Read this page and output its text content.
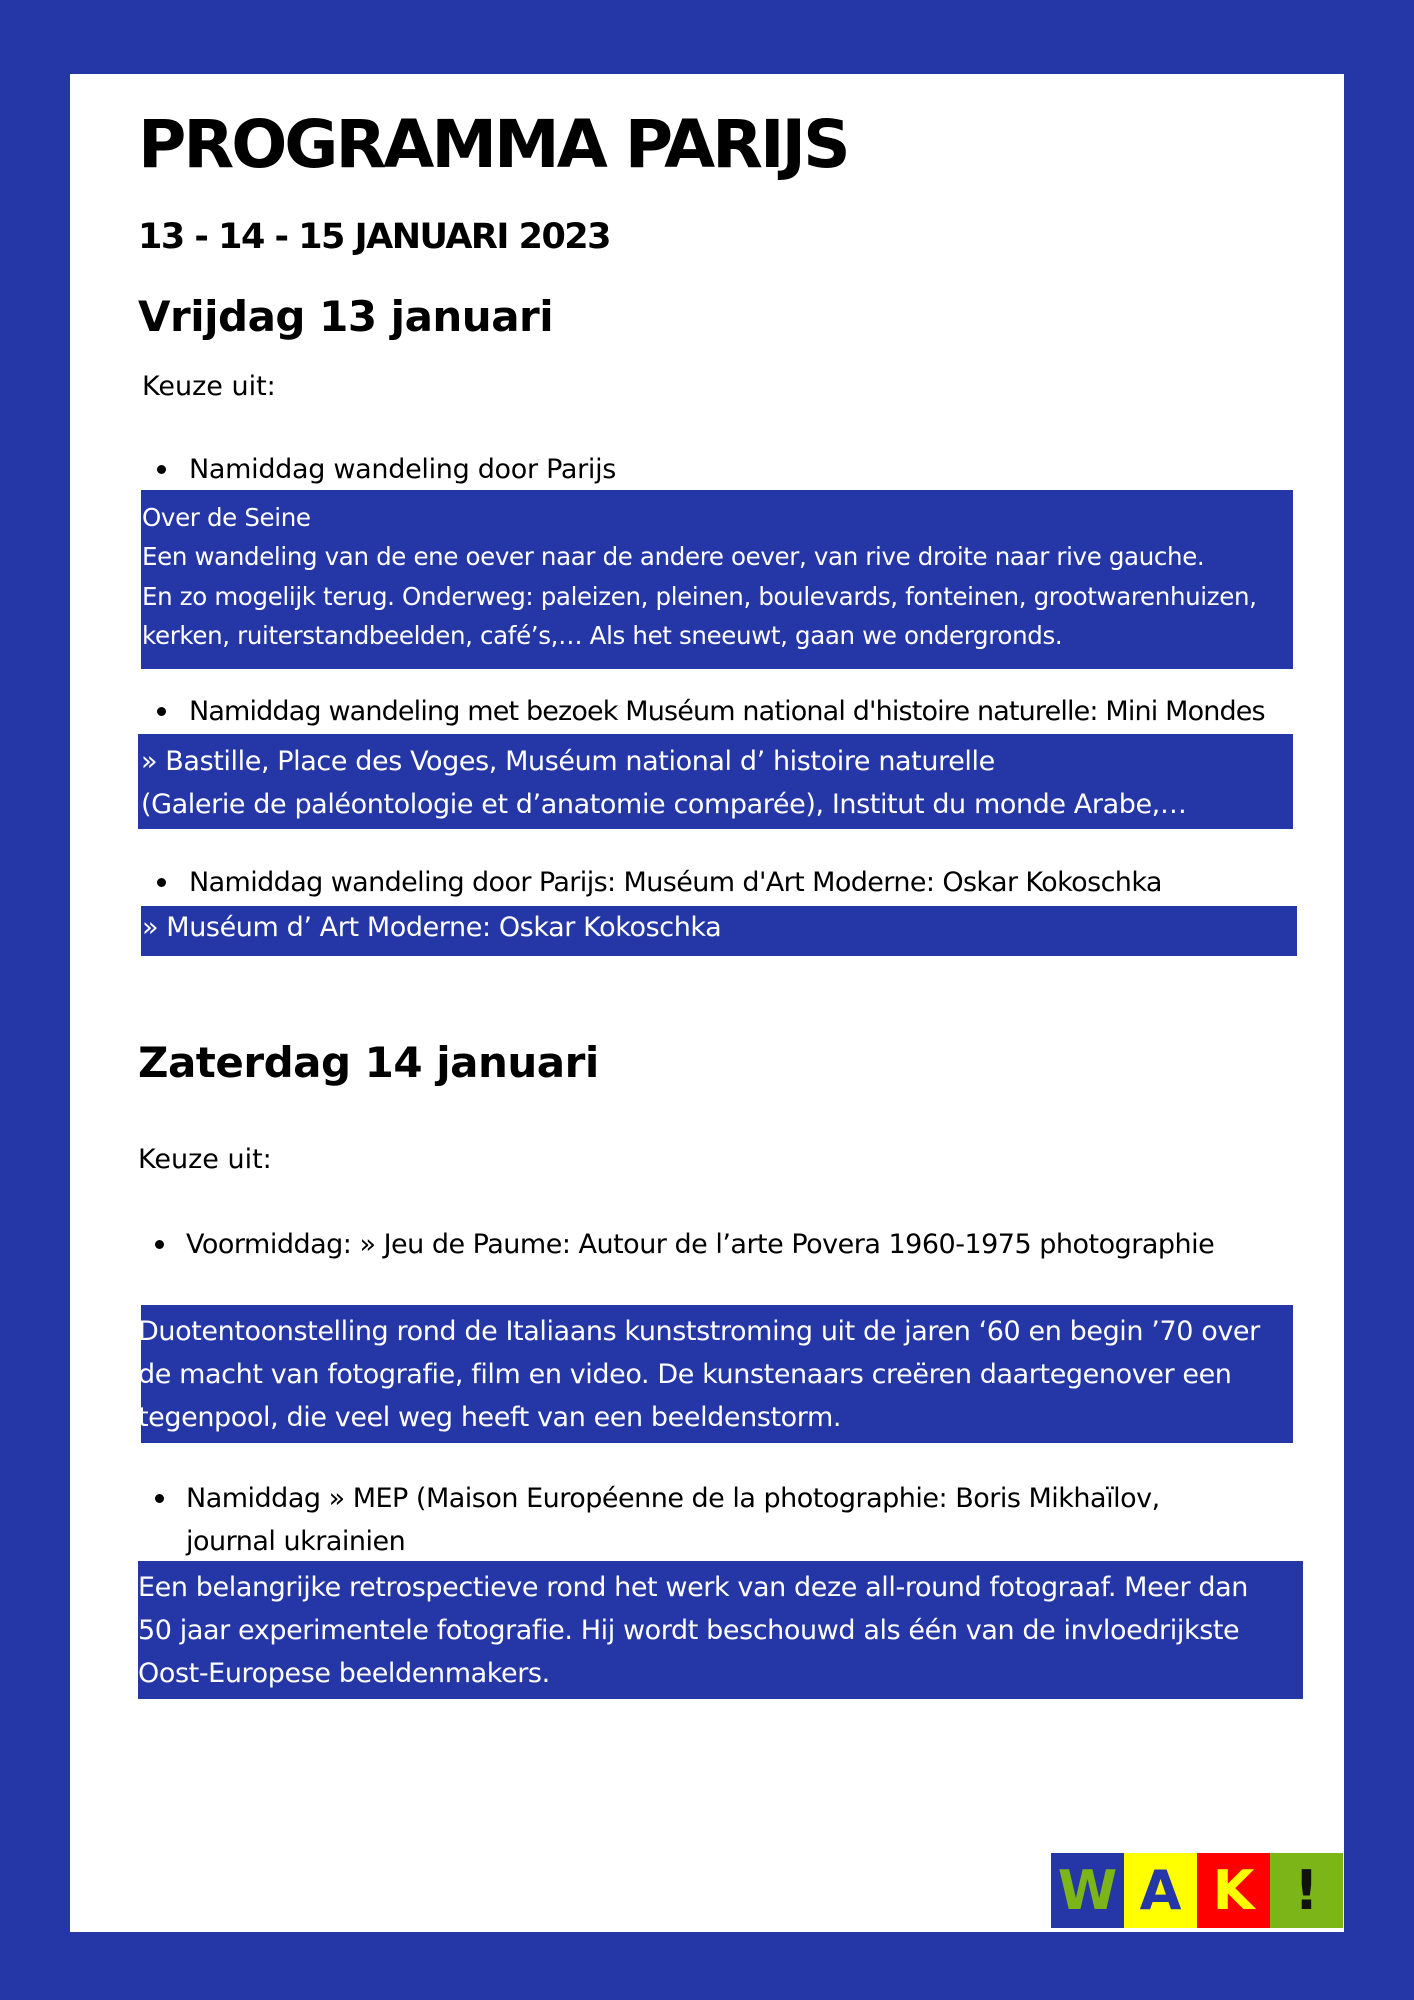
PROGRAMMA PARIJS
13 - 14 - 15 JANUARI 2023
Vrijdag 13 januari
Keuze uit:
Namiddag wandeling door Parijs
Over de Seine
Een wandeling van de ene oever naar de andere oever, van rive droite naar rive gauche.
En zo mogelijk terug. Onderweg: paleizen, pleinen, boulevards, fonteinen, grootwarenhuizen,
kerken, ruiterstandbeelden, café’s,… Als het sneeuwt, gaan we ondergronds.
Namiddag wandeling met bezoek Muséum national d'histoire naturelle: Mini Mondes
» Bastille, Place des Voges, Muséum national d’ histoire naturelle
(Galerie de paléontologie et d’anatomie comparée), Institut du monde Arabe,…
Namiddag wandeling door Parijs: Muséum d'Art Moderne: Oskar Kokoschka
» Muséum d’ Art Moderne: Oskar Kokoschka
Zaterdag 14 januari
Keuze uit:
Voormiddag: » Jeu de Paume: Autour de l’arte Povera 1960-1975 photographie
Duotentoonstelling rond de Italiaans kunststroming uit de jaren ‘60 en begin ’70 over
de macht van fotografie, film en video. De kunstenaars creëren daartegenover een
tegenpool, die veel weg heeft van een beeldenstorm.
Namiddag » MEP (Maison Européenne de la photographie: Boris Mikhaïlov,
journal ukrainien
Een belangrijke retrospectieve rond het werk van deze all-round fotograaf. Meer dan
50 jaar experimentele fotografie. Hij wordt beschouwd als één van de invloedrijkste
Oost-Europese beeldenmakers.
W A K !
